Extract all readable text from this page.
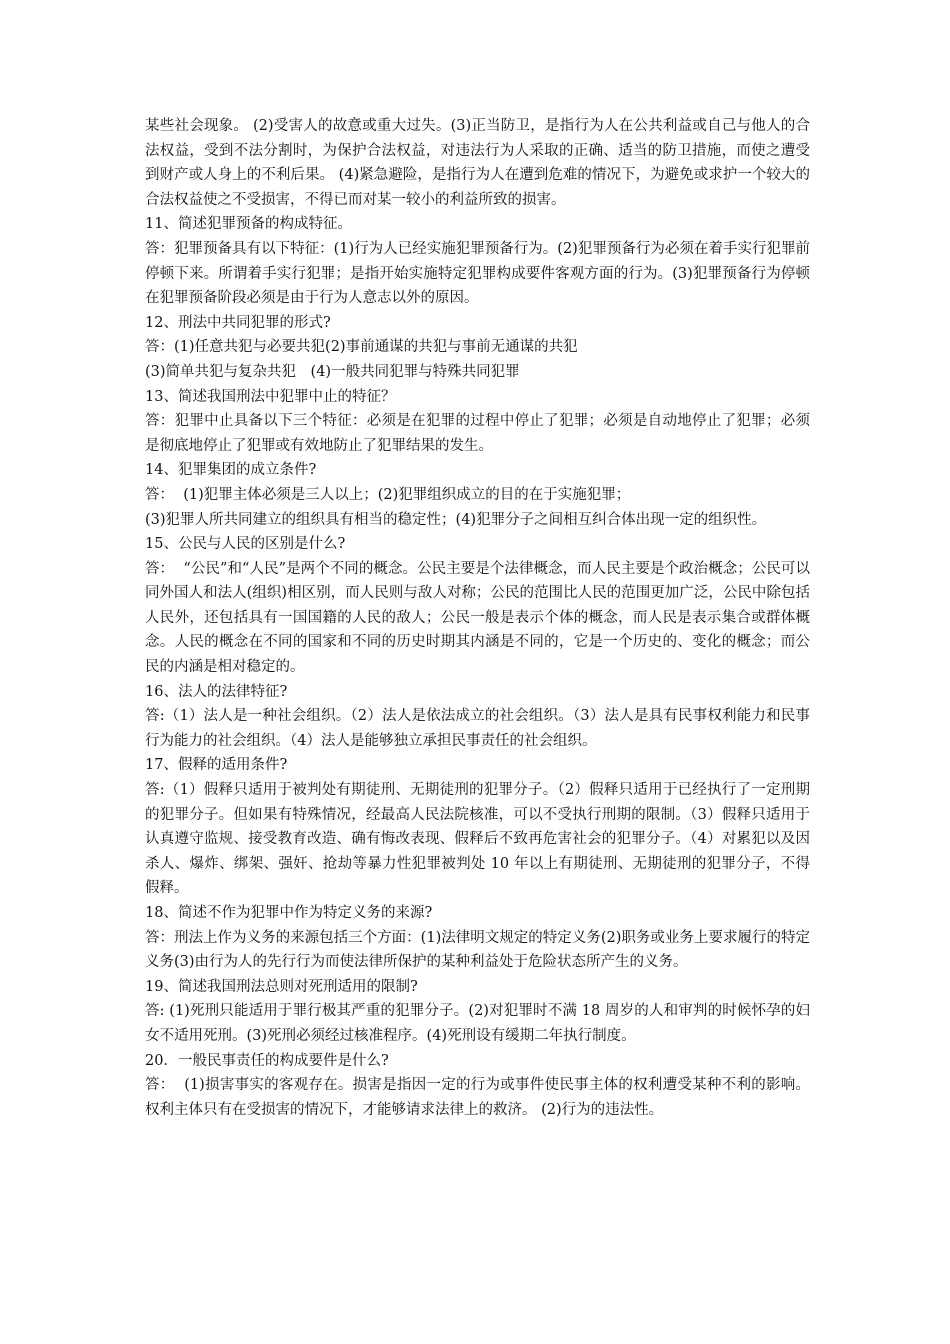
某些社会现象。 (2)受害人的故意或重大过失。(3)正当防卫，是指行为人在公共利益或自己与他人的合法权益，受到不法分割时，为保护合法权益，对违法行为人采取的正确、适当的防卫措施，而使之遭受到财产或人身上的不利后果。 (4)紧急避险，是指行为人在遭到危难的情况下，为避免或求护一个较大的合法权益使之不受损害，不得已而对某一较小的利益所致的损害。

11、简述犯罪预备的构成特征。

答：犯罪预备具有以下特征：(1)行为人已经实施犯罪预备行为。(2)犯罪预备行为必须在着手实行犯罪前停顿下来。所谓着手实行犯罪；是指开始实施特定犯罪构成要件客观方面的行为。(3)犯罪预备行为停顿在犯罪预备阶段必须是由于行为人意志以外的原因。

12、刑法中共同犯罪的形式?

答：(1)任意共犯与必要共犯(2)事前通谋的共犯与事前无通谋的共犯

(3)简单共犯与复杂共犯　(4)一般共同犯罪与特殊共同犯罪

13、简述我国刑法中犯罪中止的特征？

答：犯罪中止具备以下三个特征：必须是在犯罪的过程中停止了犯罪；必须是自动地停止了犯罪；必须是彻底地停止了犯罪或有效地防止了犯罪结果的发生。

14、犯罪集团的成立条件?

答：  (1)犯罪主体必须是三人以上；(2)犯罪组织成立的目的在于实施犯罪；

(3)犯罪人所共同建立的组织具有相当的稳定性；(4)犯罪分子之间相互纠合体出现一定的组织性。

15、公民与人民的区别是什么?

答：  “公民”和“人民”是两个不同的概念。公民主要是个法律概念，而人民主要是个政治概念；公民可以同外国人和法人(组织)相区别，而人民则与敌人对称；公民的范围比人民的范围更加广泛，公民中除包括人民外，还包括具有一国国籍的人民的敌人；公民一般是表示个体的概念，而人民是表示集合或群体概念。人民的概念在不同的国家和不同的历史时期其内涵是不同的，它是一个历史的、变化的概念；而公民的内涵是相对稳定的。

16、法人的法律特征?

答:（1）法人是一种社会组织。（2）法人是依法成立的社会组织。（3）法人是具有民事权利能力和民事行为能力的社会组织。（4）法人是能够独立承担民事责任的社会组织。

17、假释的适用条件?

答:（1）假释只适用于被判处有期徒刑、无期徒刑的犯罪分子。（2）假释只适用于已经执行了一定刑期的犯罪分子。但如果有特殊情况，经最高人民法院核准，可以不受执行刑期的限制。（3）假释只适用于认真遵守监规、接受教育改造、确有悔改表现、假释后不致再危害社会的犯罪分子。（4）对累犯以及因杀人、爆炸、绑架、强奸、抢劫等暴力性犯罪被判处 10 年以上有期徒刑、无期徒刑的犯罪分子，不得假释。

18、简述不作为犯罪中作为特定义务的来源?

答：刑法上作为义务的来源包括三个方面：(1)法律明文规定的特定义务(2)职务或业务上要求履行的特定义务(3)由行为人的先行行为而使法律所保护的某种利益处于危险状态所产生的义务。

19、简述我国刑法总则对死刑适用的限制?

答: (1)死刑只能适用于罪行极其严重的犯罪分子。(2)对犯罪时不满 18 周岁的人和审判的时候怀孕的妇女不适用死刑。(3)死刑必须经过核准程序。(4)死刑设有缓期二年执行制度。

20．一般民事责任的构成要件是什么?

答：  (1)损害事实的客观存在。损害是指因一定的行为或事件使民事主体的权利遭受某种不利的影响。权利主体只有在受损害的情况下，才能够请求法律上的救济。 (2)行为的违法性。
